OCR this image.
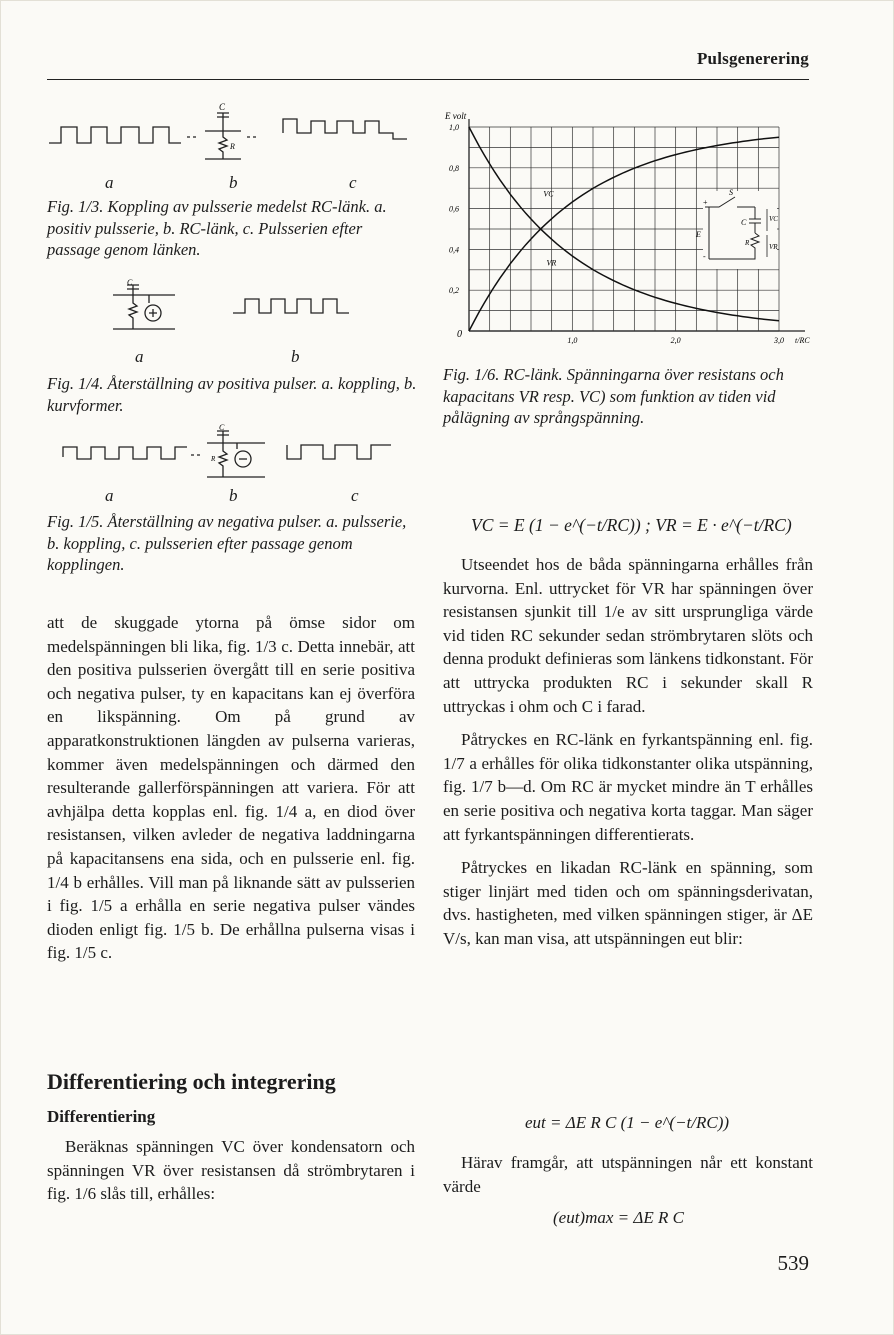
Pulsgenerering
C
R
a	b	c
Fig. 1/3. Koppling av pulsserie medelst RC-länk. a. positiv pulsserie, b. RC-länk, c. Pulsserien efter passage genom länken.
C
a	b
Fig. 1/4. Återställning av positiva pulser. a. koppling, b. kurvformer.
C
R
a	b	c
Fig. 1/5. Återställning av negativa pulser. a. pulsserie, b. koppling, c. pulsserien efter passage genom kopplingen.

att de skuggade ytorna på ömse sidor om medelspänningen bli lika, fig. 1/3 c. Detta innebär, att den positiva pulsserien övergått till en serie positiva och negativa pulser, ty en kapacitans kan ej överföra en likspänning. Om på grund av apparatkonstruktionen längden av pulserna varieras, kommer även medelspänningen och därmed den resulterande gallerförspänningen att variera. För att avhjälpa detta kopplas enl. fig. 1/4 a, en diod över resistansen, vilken avleder de negativa laddningarna på kapacitansens ena sida, och en pulsserie enl. fig. 1/4 b erhålles. Vill man på liknande sätt av pulsserien i fig. 1/5 a erhålla en serie negativa pulser vändes dioden enligt fig. 1/5 b. De erhållna pulserna visas i fig. 1/5 c.

Differentiering och integrering
Differentiering

Beräknas spänningen VC över kondensatorn och spänningen VR över resistansen då strömbrytaren i fig. 1/6 slås till, erhålles:

E volt
0
1,0
0,8
0,6
0,4
0,2
1,0	2,0	3,0 t/RC
VC
VR
S
C	VC
E
R	VR
+
-
Fig. 1/6. RC-länk. Spänningarna över resistans och kapacitans VR resp. VC) som funktion av tiden vid pålägning av språngspänning.
VC = E (1 − e^(−t/RC)) ; VR = E · e^(−t/RC)

Utseendet hos de båda spänningarna erhålles från kurvorna. Enl. uttrycket för VR har spänningen över resistansen sjunkit till 1/e av sitt ursprungliga värde vid tiden RC sekunder sedan strömbrytaren slöts och denna produkt definieras som länkens tidkonstant. För att uttrycka produkten RC i sekunder skall R uttryckas i ohm och C i farad.

Påtryckes en RC-länk en fyrkantspänning enl. fig. 1/7 a erhålles för olika tidkonstanter olika utspänning, fig. 1/7 b—d. Om RC är mycket mindre än T erhålles en serie positiva och negativa korta taggar. Man säger att fyrkantspänningen differentierats.

Påtryckes en likadan RC-länk en spänning, som stiger linjärt med tiden och om spänningsderivatan, dvs. hastigheten, med vilken spänningen stiger, är ΔE V/s, kan man visa, att utspänningen eut blir:

eut = ΔE R C (1 − e^(−t/RC))

Härav framgår, att utspänningen når ett konstant värde

(eut)max = ΔE R C
539
